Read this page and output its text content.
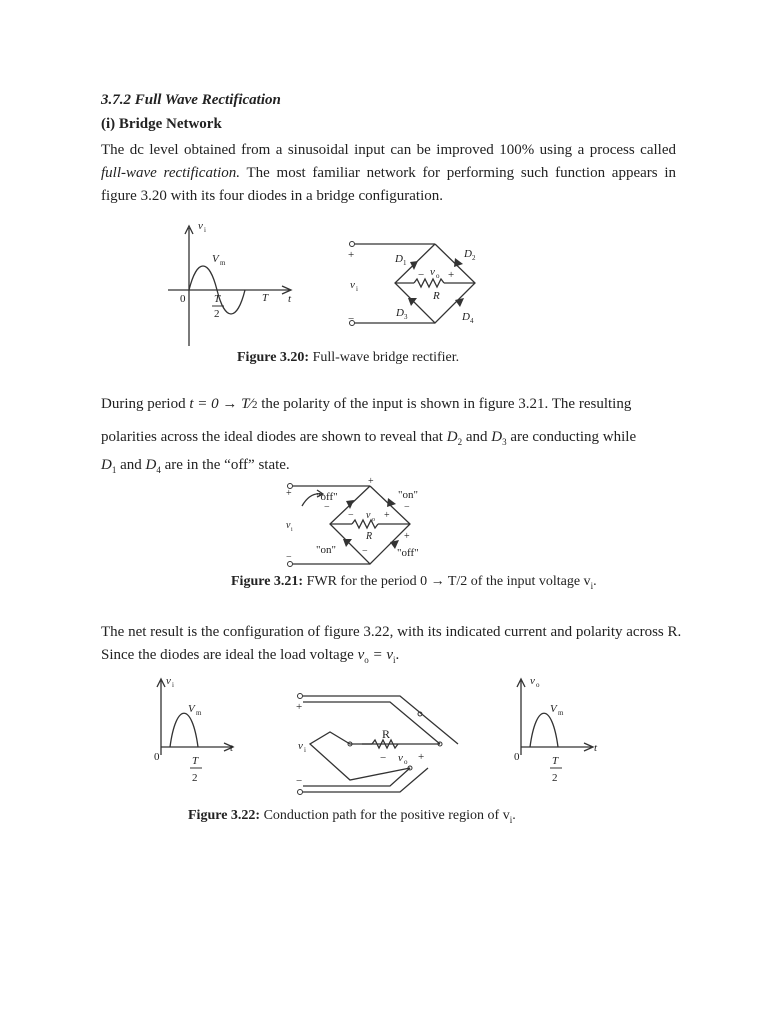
3.7.2 Full Wave Rectification
(i) Bridge Network
The dc level obtained from a sinusoidal input can be improved 100% using a process called full-wave rectification. The most familiar network for performing such function appears in figure 3.20 with its four diodes in a bridge configuration.
v i
V m
0	T
2
T t
+
−
v i
D 1
D 2
D 3	D 4
− v o +
R
Figure 3.20: Full-wave bridge rectifier.
During period t = 0 → T⁄2 the polarity of the input is shown in figure 3.21. The resulting
polarities across the ideal diodes are shown to reveal that $D_2$ and $D_3$ are conducting while
$D_1$ and $D_4$ are in the “off” state.
+
−
v i
+
"off"	"on"
"on"	"off"
−
− v o +
−
R	+
−
Figure 3.21: FWR for the period 0 → T/2 of the input voltage $v_i$.
The net result is the configuration of figure 3.22, with its indicated current and polarity across R.
Since the diodes are ideal the load voltage $v_o = v_i$.
v i
V m
0	T
2
t
+
−
v i
R
− v o +
v o
V m
0	T
2
t
Figure 3.22: Conduction path for the positive region of $v_i$.
